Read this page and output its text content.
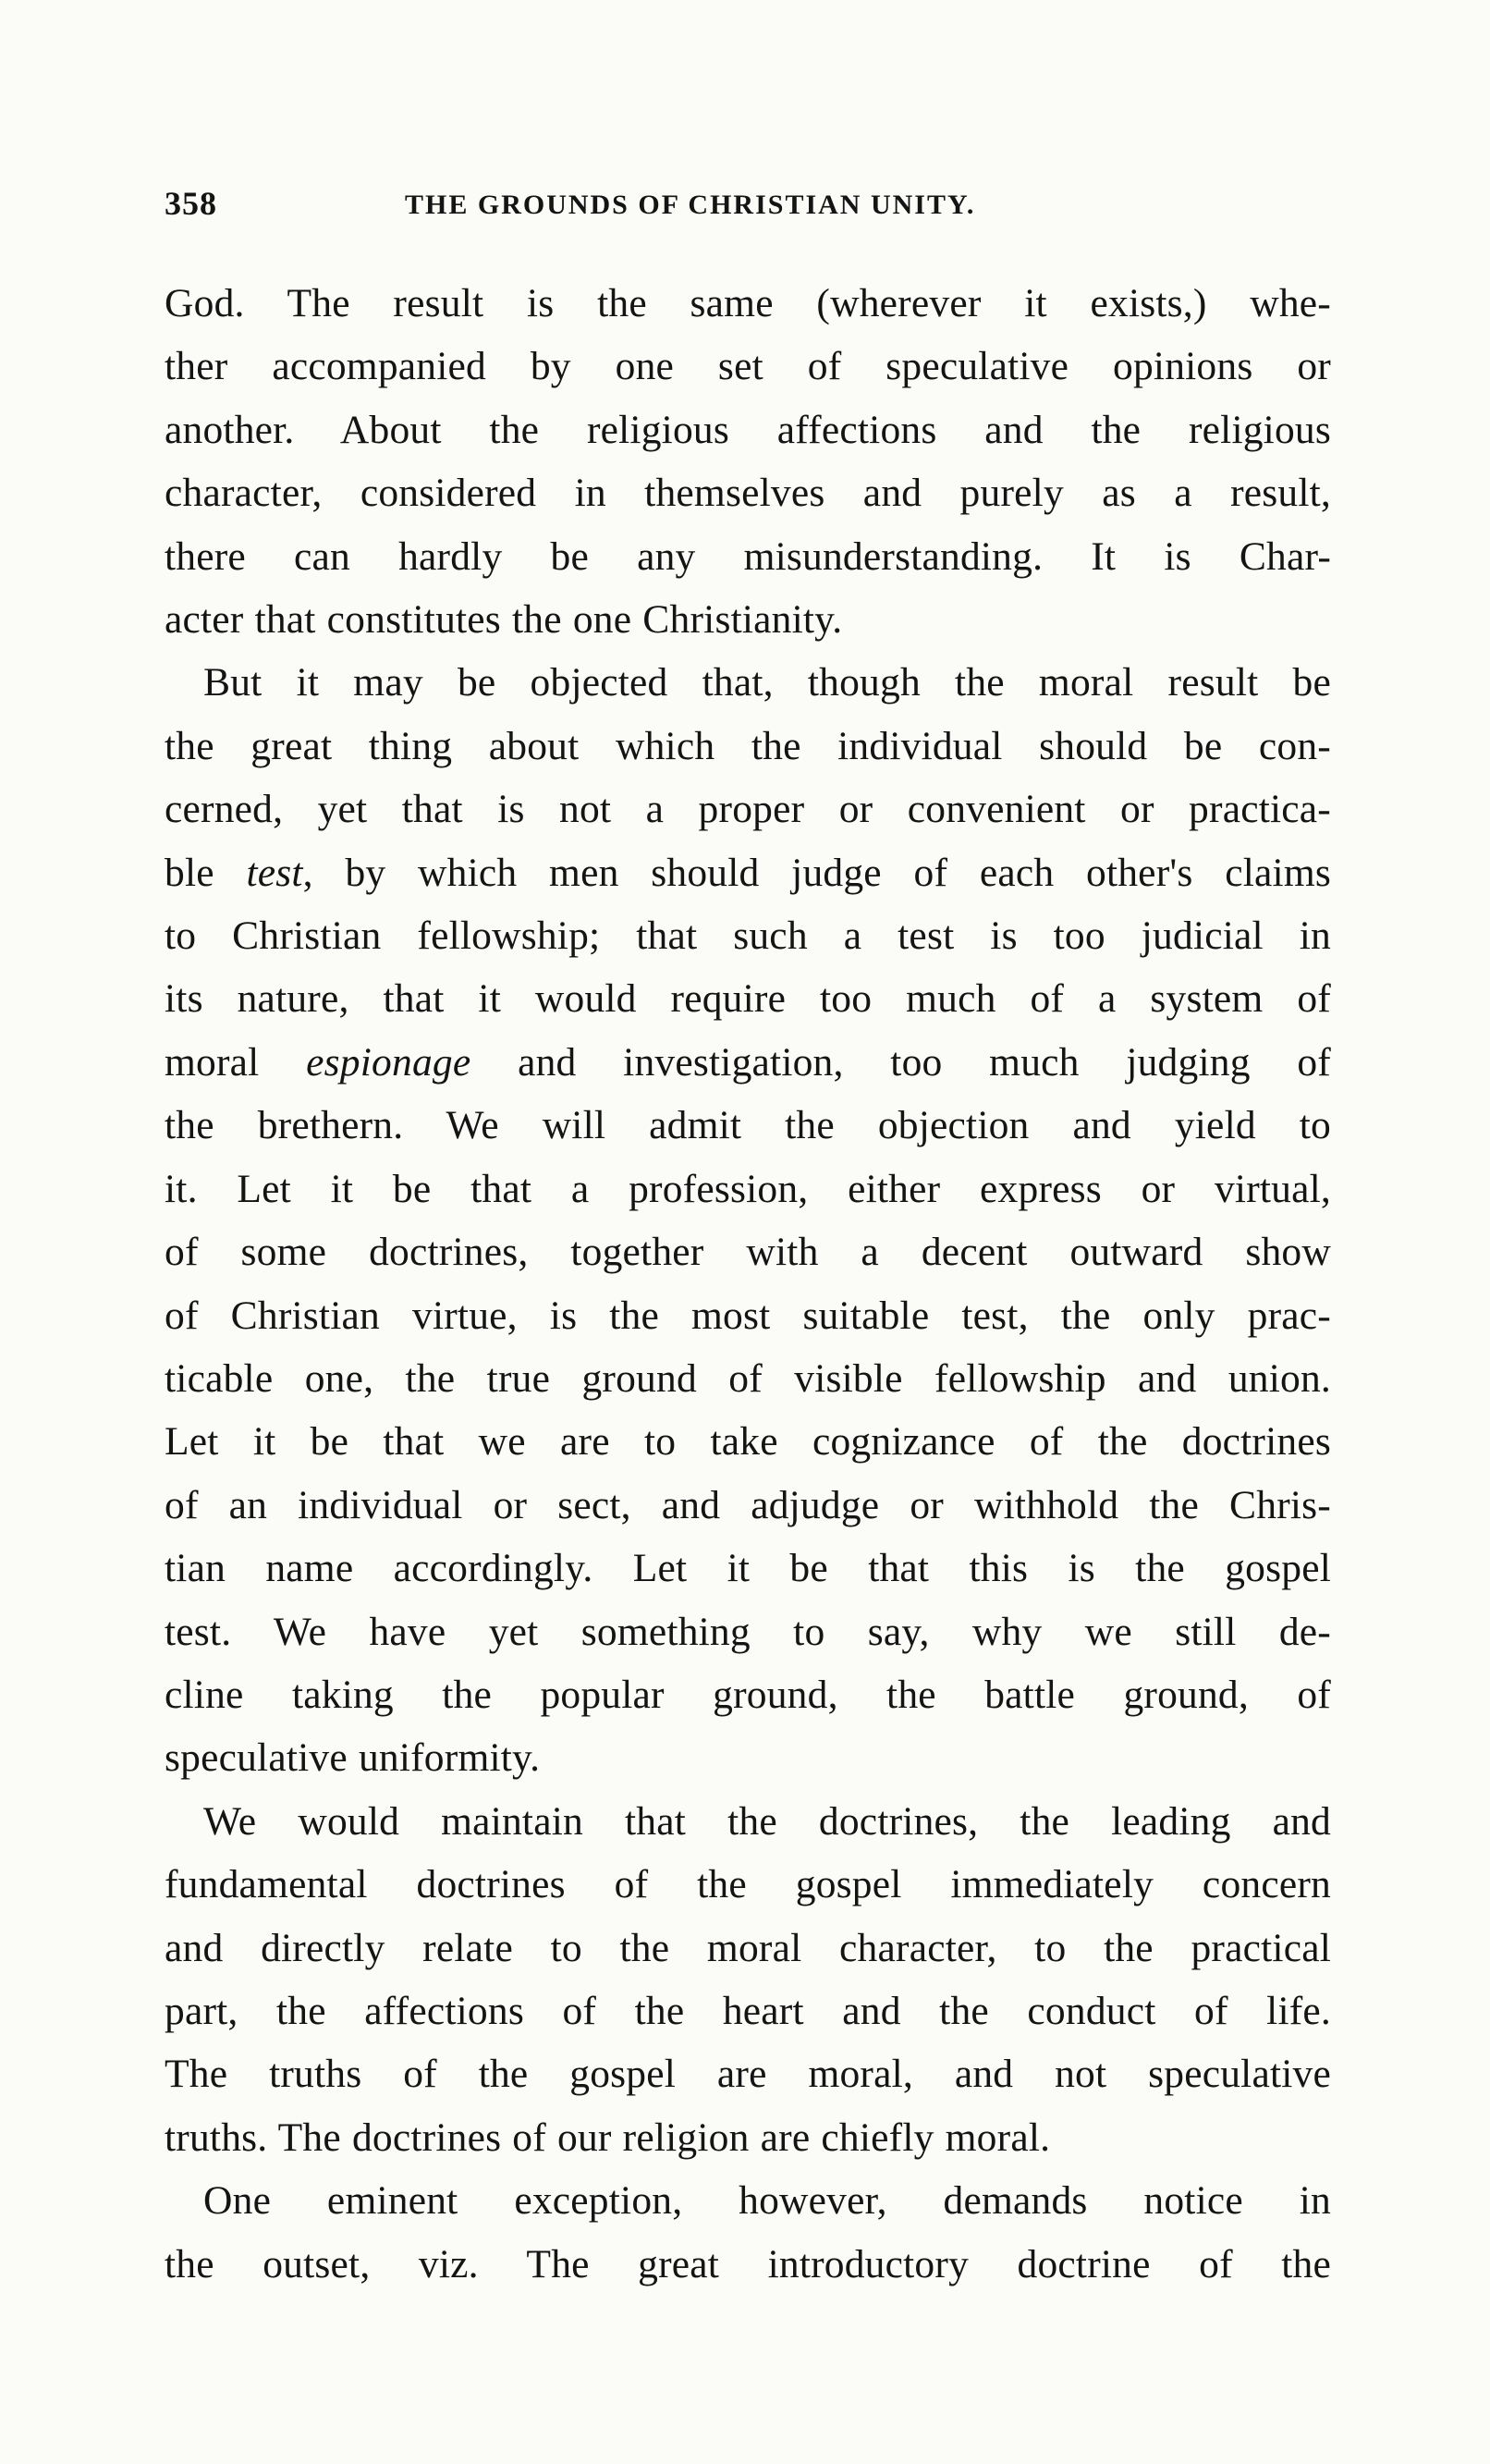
358	THE GROUNDS OF CHRISTIAN UNITY.

God. The result is the same (wherever it exists,) whe-
ther accompanied by one set of speculative opinions or
another. About the religious affections and the religious
character, considered in themselves and purely as a result,
there can hardly be any misunderstanding. It is Char-
acter that constitutes the one Christianity.

But it may be objected that, though the moral result be
the great thing about which the individual should be con-
cerned, yet that is not a proper or convenient or practica-
ble test, by which men should judge of each other's claims
to Christian fellowship; that such a test is too judicial in
its nature, that it would require too much of a system of
moral espionage and investigation, too much judging of
the brethern. We will admit the objection and yield to
it. Let it be that a profession, either express or virtual,
of some doctrines, together with a decent outward show
of Christian virtue, is the most suitable test, the only prac-
ticable one, the true ground of visible fellowship and union.
Let it be that we are to take cognizance of the doctrines
of an individual or sect, and adjudge or withhold the Chris-
tian name accordingly. Let it be that this is the gospel
test. We have yet something to say, why we still de-
cline taking the popular ground, the battle ground, of
speculative uniformity.

We would maintain that the doctrines, the leading and
fundamental doctrines of the gospel immediately concern
and directly relate to the moral character, to the practical
part, the affections of the heart and the conduct of life.
The truths of the gospel are moral, and not speculative
truths. The doctrines of our religion are chiefly moral.

One eminent exception, however, demands notice in
the outset, viz. The great introductory doctrine of the
